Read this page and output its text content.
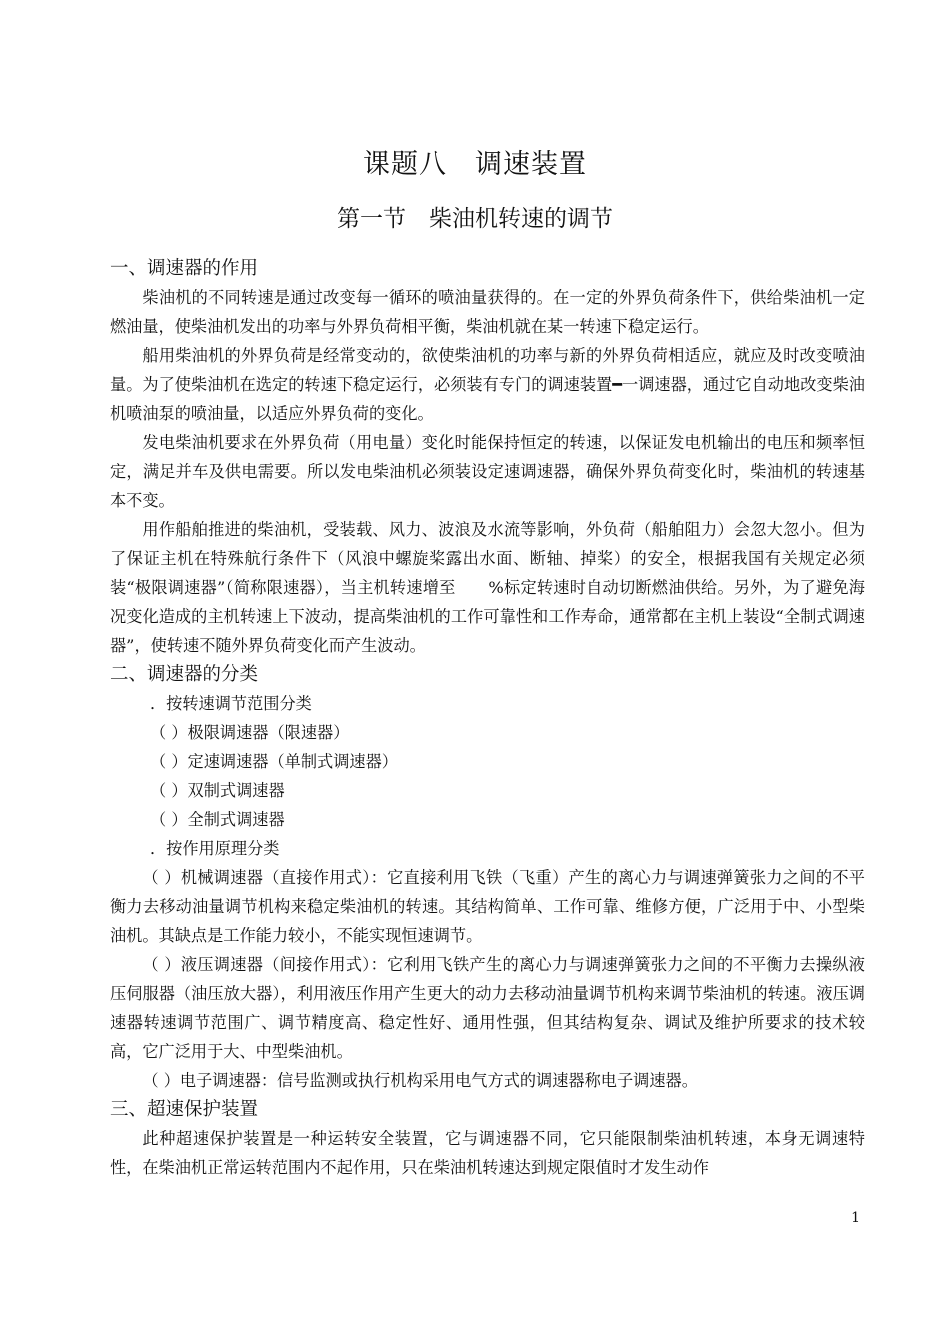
课题八　调速装置
第一节　柴油机转速的调节
一、调速器的作用

柴油机的不同转速是通过改变每一循环的喷油量获得的。在一定的外界负荷条件下，供给柴油机一定燃油量，使柴油机发出的功率与外界负荷相平衡，柴油机就在某一转速下稳定运行。

船用柴油机的外界负荷是经常变动的，欲使柴油机的功率与新的外界负荷相适应，就应及时改变喷油量。为了使柴油机在选定的转速下稳定运行，必须装有专门的调速装置━一调速器，通过它自动地改变柴油机喷油泵的喷油量，以适应外界负荷的变化。

发电柴油机要求在外界负荷（用电量）变化时能保持恒定的转速，以保证发电机输出的电压和频率恒定，满足并车及供电需要。所以发电柴油机必须装设定速调速器，确保外界负荷变化时，柴油机的转速基本不变。

用作船舶推进的柴油机，受装载、风力、波浪及水流等影响，外负荷（船舶阻力）会忽大忽小。但为了保证主机在特殊航行条件下（风浪中螺旋桨露出水面、断轴、掉桨）的安全，根据我国有关规定必须装“极限调速器”（简称限速器），当主机转速增至　　%标定转速时自动切断燃油供给。另外，为了避免海况变化造成的主机转速上下波动，提高柴油机的工作可靠性和工作寿命，通常都在主机上装设“全制式调速器”，使转速不随外界负荷变化而产生波动。

二、调速器的分类
．按转速调节范围分类
（ ）极限调速器（限速器）
（ ）定速调速器（单制式调速器）
（ ）双制式调速器
（ ）全制式调速器
．按作用原理分类

（ ）机械调速器（直接作用式）：它直接利用飞铁（飞重）产生的离心力与调速弹簧张力之间的不平衡力去移动油量调节机构来稳定柴油机的转速。其结构简单、工作可靠、维修方便，广泛用于中、小型柴油机。其缺点是工作能力较小，不能实现恒速调节。

（ ）液压调速器（间接作用式）：它利用飞铁产生的离心力与调速弹簧张力之间的不平衡力去操纵液压伺服器（油压放大器），利用液压作用产生更大的动力去移动油量调节机构来调节柴油机的转速。液压调速器转速调节范围广、调节精度高、稳定性好、通用性强，但其结构复杂、调试及维护所要求的技术较高，它广泛用于大、中型柴油机。

（ ）电子调速器：信号监测或执行机构采用电气方式的调速器称电子调速器。

三、超速保护装置

此种超速保护装置是一种运转安全装置，它与调速器不同，它只能限制柴油机转速，本身无调速特性，在柴油机正常运转范围内不起作用，只在柴油机转速达到规定限值时才发生动作

1
